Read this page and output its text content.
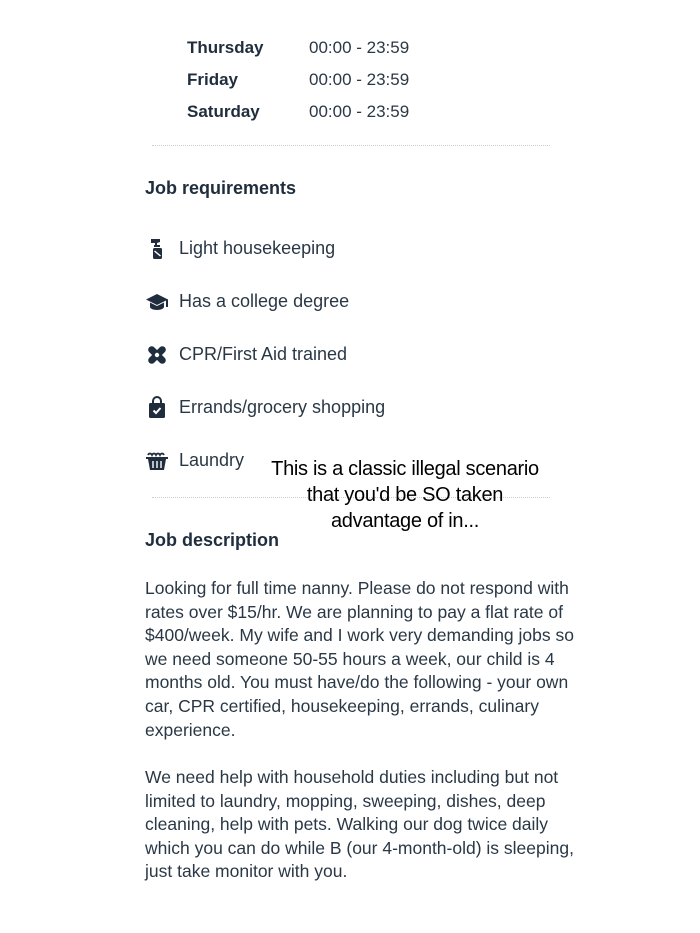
Thursday	00:00 - 23:59
Friday	00:00 - 23:59
Saturday	00:00 - 23:59
Job requirements
Light housekeeping
Has a college degree
CPR/First Aid trained
Errands/grocery shopping
Laundry This is a classic illegal scenario that you'd be SO taken advantage of in...
Job description

Looking for full time nanny. Please do not respond with rates over $15/hr. We are planning to pay a flat rate of $400/week. My wife and I work very demanding jobs so we need someone 50-55 hours a week, our child is 4 months old. You must have/do the following - your own car, CPR certified, housekeeping, errands, culinary experience.

We need help with household duties including but not limited to laundry, mopping, sweeping, dishes, deep cleaning, help with pets. Walking our dog twice daily which you can do while B (our 4-month-old) is sleeping, just take monitor with you.
